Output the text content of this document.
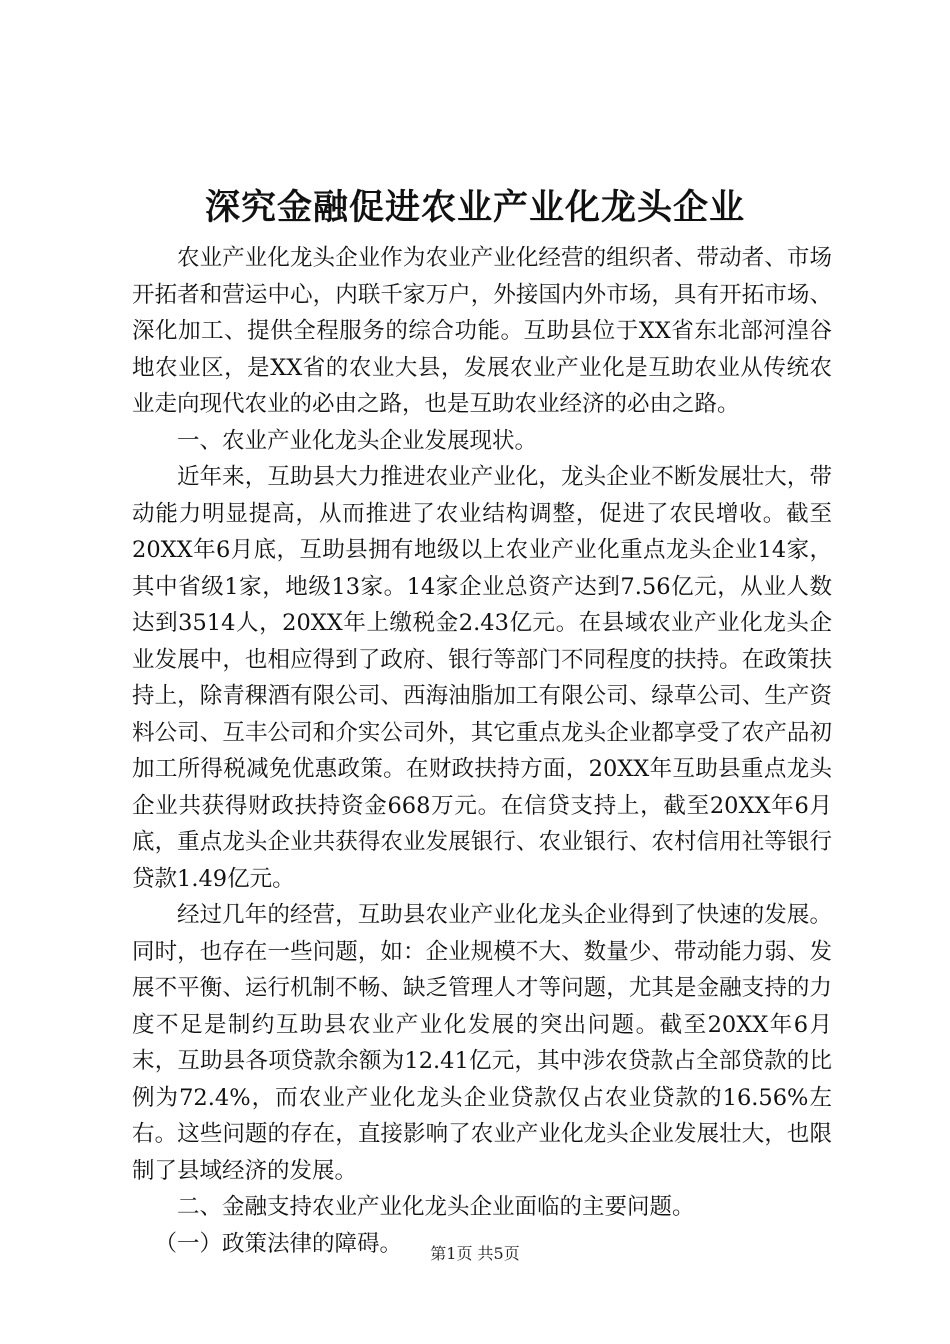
深究金融促进农业产业化龙头企业

农业产业化龙头企业作为农业产业化经营的组织者、带动者、市场开拓者和营运中心，内联千家万户，外接国内外市场，具有开拓市场、深化加工、提供全程服务的综合功能。互助县位于XX省东北部河湟谷地农业区，是XX省的农业大县，发展农业产业化是互助农业从传统农业走向现代农业的必由之路，也是互助农业经济的必由之路。

一、农业产业化龙头企业发展现状。

近年来，互助县大力推进农业产业化，龙头企业不断发展壮大，带动能力明显提高，从而推进了农业结构调整，促进了农民增收。截至20XX年6月底，互助县拥有地级以上农业产业化重点龙头企业14家，其中省级1家，地级13家。14家企业总资产达到7.56亿元，从业人数达到3514人，20XX年上缴税金2.43亿元。在县域农业产业化龙头企业发展中，也相应得到了政府、银行等部门不同程度的扶持。在政策扶持上，除青稞酒有限公司、西海油脂加工有限公司、绿草公司、生产资料公司、互丰公司和介实公司外，其它重点龙头企业都享受了农产品初加工所得税减免优惠政策。在财政扶持方面，20XX年互助县重点龙头企业共获得财政扶持资金668万元。在信贷支持上，截至20XX年6月底，重点龙头企业共获得农业发展银行、农业银行、农村信用社等银行贷款1.49亿元。

经过几年的经营，互助县农业产业化龙头企业得到了快速的发展。同时，也存在一些问题，如：企业规模不大、数量少、带动能力弱、发展不平衡、运行机制不畅、缺乏管理人才等问题，尤其是金融支持的力度不足是制约互助县农业产业化发展的突出问题。截至20XX年6月末，互助县各项贷款余额为12.41亿元，其中涉农贷款占全部贷款的比例为72.4%，而农业产业化龙头企业贷款仅占农业贷款的16.56%左右。这些问题的存在，直接影响了农业产业化龙头企业发展壮大，也限制了县域经济的发展。

二、金融支持农业产业化龙头企业面临的主要问题。

（一）政策法律的障碍。	第1页 共5页
